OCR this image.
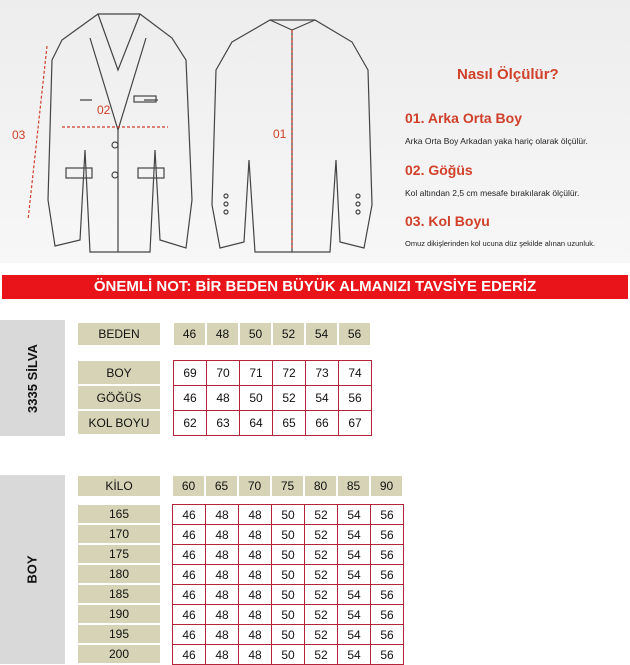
03
02
01
Nasıl Ölçülür?
01. Arka Orta Boy
Arka Orta Boy Arkadan yaka hariç olarak ölçülür.
02. Göğüs
Kol altından 2,5 cm mesafe bırakılarak ölçülür.
03. Kol Boyu
Omuz dikişlerinden kol ucuna düz şekilde alınan uzunluk.
ÖNEMLİ NOT: BİR BEDEN BÜYÜK ALMANIZI TAVSİYE EDERİZ
3335 SİLVA
BOY
BEDEN	46	48	50	52	54	56
BOY	69	70	71	72	73	74
GÖĞÜS	46	48	50	52	54	56
KOL BOYU	62	63	64	65	66	67
KİLO	60	65	70	75	80	85	90
165	46	48	48	50	52	54	56
170	46	48	48	50	52	54	56
175	46	48	48	50	52	54	56
180	46	48	48	50	52	54	56
185	46	48	48	50	52	54	56
190	46	48	48	50	52	54	56
195	46	48	48	50	52	54	56
200	46	48	48	50	52	54	56
